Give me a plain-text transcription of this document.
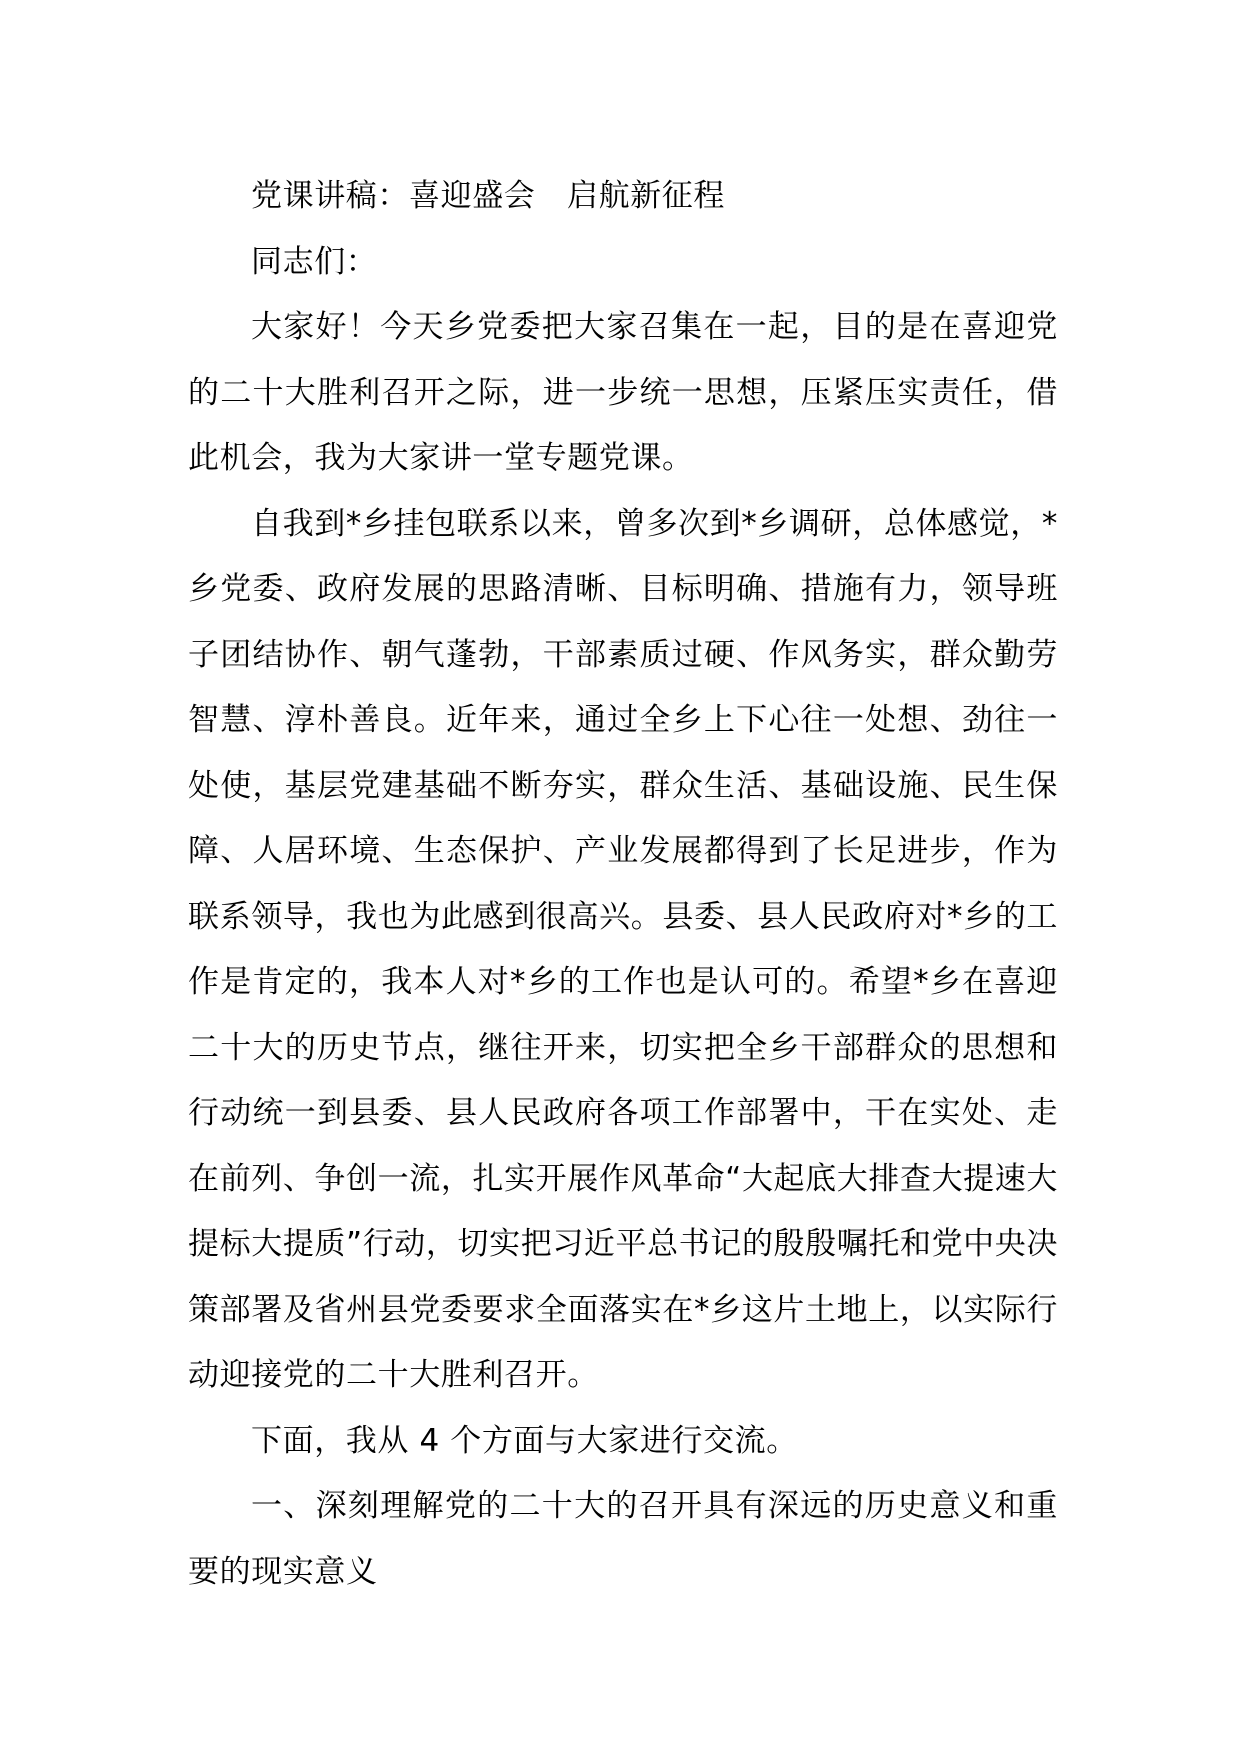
党课讲稿：喜迎盛会　启航新征程

同志们：

大家好！今天乡党委把大家召集在一起，目的是在喜迎党的二十大胜利召开之际，进一步统一思想，压紧压实责任，借此机会，我为大家讲一堂专题党课。

自我到*乡挂包联系以来，曾多次到*乡调研，总体感觉，*乡党委、政府发展的思路清晰、目标明确、措施有力，领导班子团结协作、朝气蓬勃，干部素质过硬、作风务实，群众勤劳智慧、淳朴善良。近年来，通过全乡上下心往一处想、劲往一处使，基层党建基础不断夯实，群众生活、基础设施、民生保障、人居环境、生态保护、产业发展都得到了长足进步，作为联系领导，我也为此感到很高兴。县委、县人民政府对*乡的工作是肯定的，我本人对*乡的工作也是认可的。希望*乡在喜迎二十大的历史节点，继往开来，切实把全乡干部群众的思想和行动统一到县委、县人民政府各项工作部署中，干在实处、走在前列、争创一流，扎实开展作风革命“大起底大排查大提速大提标大提质”行动，切实把习近平总书记的殷殷嘱托和党中央决策部署及省州县党委要求全面落实在*乡这片土地上，以实际行动迎接党的二十大胜利召开。

下面，我从 4 个方面与大家进行交流。

一、深刻理解党的二十大的召开具有深远的历史意义和重要的现实意义
